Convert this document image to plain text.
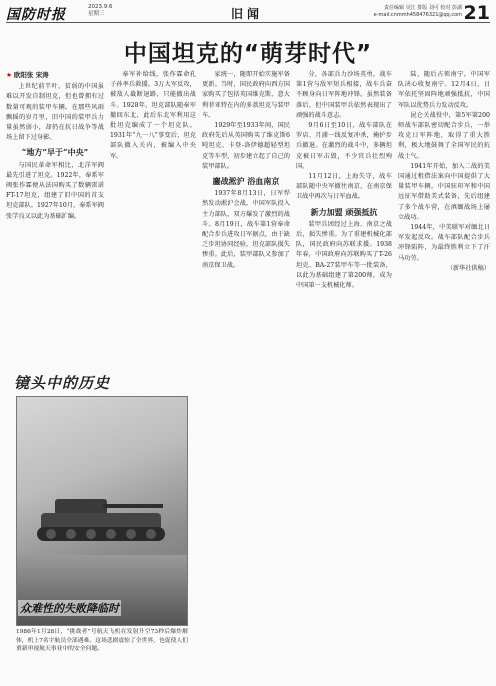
国防时报	2023.9.6
星期三	旧闻	责任编辑 吴江 排版 刘可 校对 彭湖
e-mail:cnmmh458476321@qq.com 21
中国坦克的“萌芽时代”
★ 欧阳张 宋涛

上世纪前半叶，贫弱的中国虽难以开发自制坦克，但也曾拥有过数量可观的装甲车辆。在那些风雨飘摇的岁月里，旧中国的装甲兵力量虽然弱小，却仍在抗日战争等战场上留下过身影。

“地方”早于“中央”

与国民革命军相比，北洋军阀最先引进了坦克。1922年，奉系军阀张作霖便从法国购买了数辆雷诺FT-17坦克，组建了旧中国的首支坦克部队。1927年10月，奉系军阀张学良又以此为基础扩编。

奉军补给线，张作霖命孔子孙率兵救援。3万大军反攻，被敌人截断退路，只能撤出战斗。1928年，坦克部队随奉军撤回东北，此后东北军利用这批坦克编成了一个坦克队。1931年“九一八”事变后，坦克部队撤入关内，被编入中央军。

家统一，随即开始实施军备更新。当时，国民政府向西方国家购买了包括英国维克斯、意大利菲亚特在内的多款坦克与装甲车。

1929年至1933年间，国民政府先后从英国购买了维克斯6吨坦克、卡登-洛伊德超轻型坦克等车型，初步建立起了自己的装甲部队。

鏖战淞沪 浴血南京

1937年8月13日，日军悍然发动淞沪会战。中国军队投入主力部队，双方爆发了激烈的战斗。8月19日，战车第1营奉命配合步兵进攻日军据点，由于缺乏步坦协同经验，坦克部队损失惨重。此后，装甲部队又参加了南京保卫战。

分，各部兵力沙场英勇，战车第1营与敌军短兵相接，战车兵奋不顾身向日军阵地冲锋。虽然装备落后，但中国装甲兵依然表现出了顽强的战斗意志。

9月6日至10日，战车部队在罗店、月浦一线反复冲杀，掩护步兵撤退。在激烈的战斗中，多辆坦克被日军击毁，不少官兵壮烈殉国。

11月12日，上海失守，战车部队随中央军撤往南京，在南京保卫战中再次与日军血战。

新力加盟 顽强抵抗

装甲兵团经过上海、南京之战后，损失惨重。为了重建机械化部队，国民政府向苏联求援。1938年春，中国政府向苏联购买了T-26坦克、BA-27装甲车等一批装备，以此为基础组建了第200师，成为中国第一支机械化师。

陆，随后占领南宁。中国军队决心收复南宁。12月4日，日军依托坚固阵地顽强抵抗，中国军队以优势兵力发动反攻。

昆仑关战役中，第5军第200师战车部队密切配合步兵，一举攻克日军阵地，取得了重大胜利，极大地鼓舞了全国军民的抗战士气。

1941年开始，加入二战的美国通过租借法案向中国提供了大量装甲车辆。中国驻印军和中国远征军借助美式装备，先后组建了多个战车营，在滇缅战场上屡立战功。

1944年，中美联军对缅北日军发起反攻。战车部队配合步兵冲锋陷阵，为最终胜利立下了汗马功劳。

（新华社供稿）

镜头中的历史
众难性的失败降临时
1986年1月28日，“挑战者”号航天飞机在发射升空73秒后爆炸解体，机上7名宇航员全部遇难。这场悲剧震惊了全世界，也促使人们重新审视航天事业中的安全问题。
